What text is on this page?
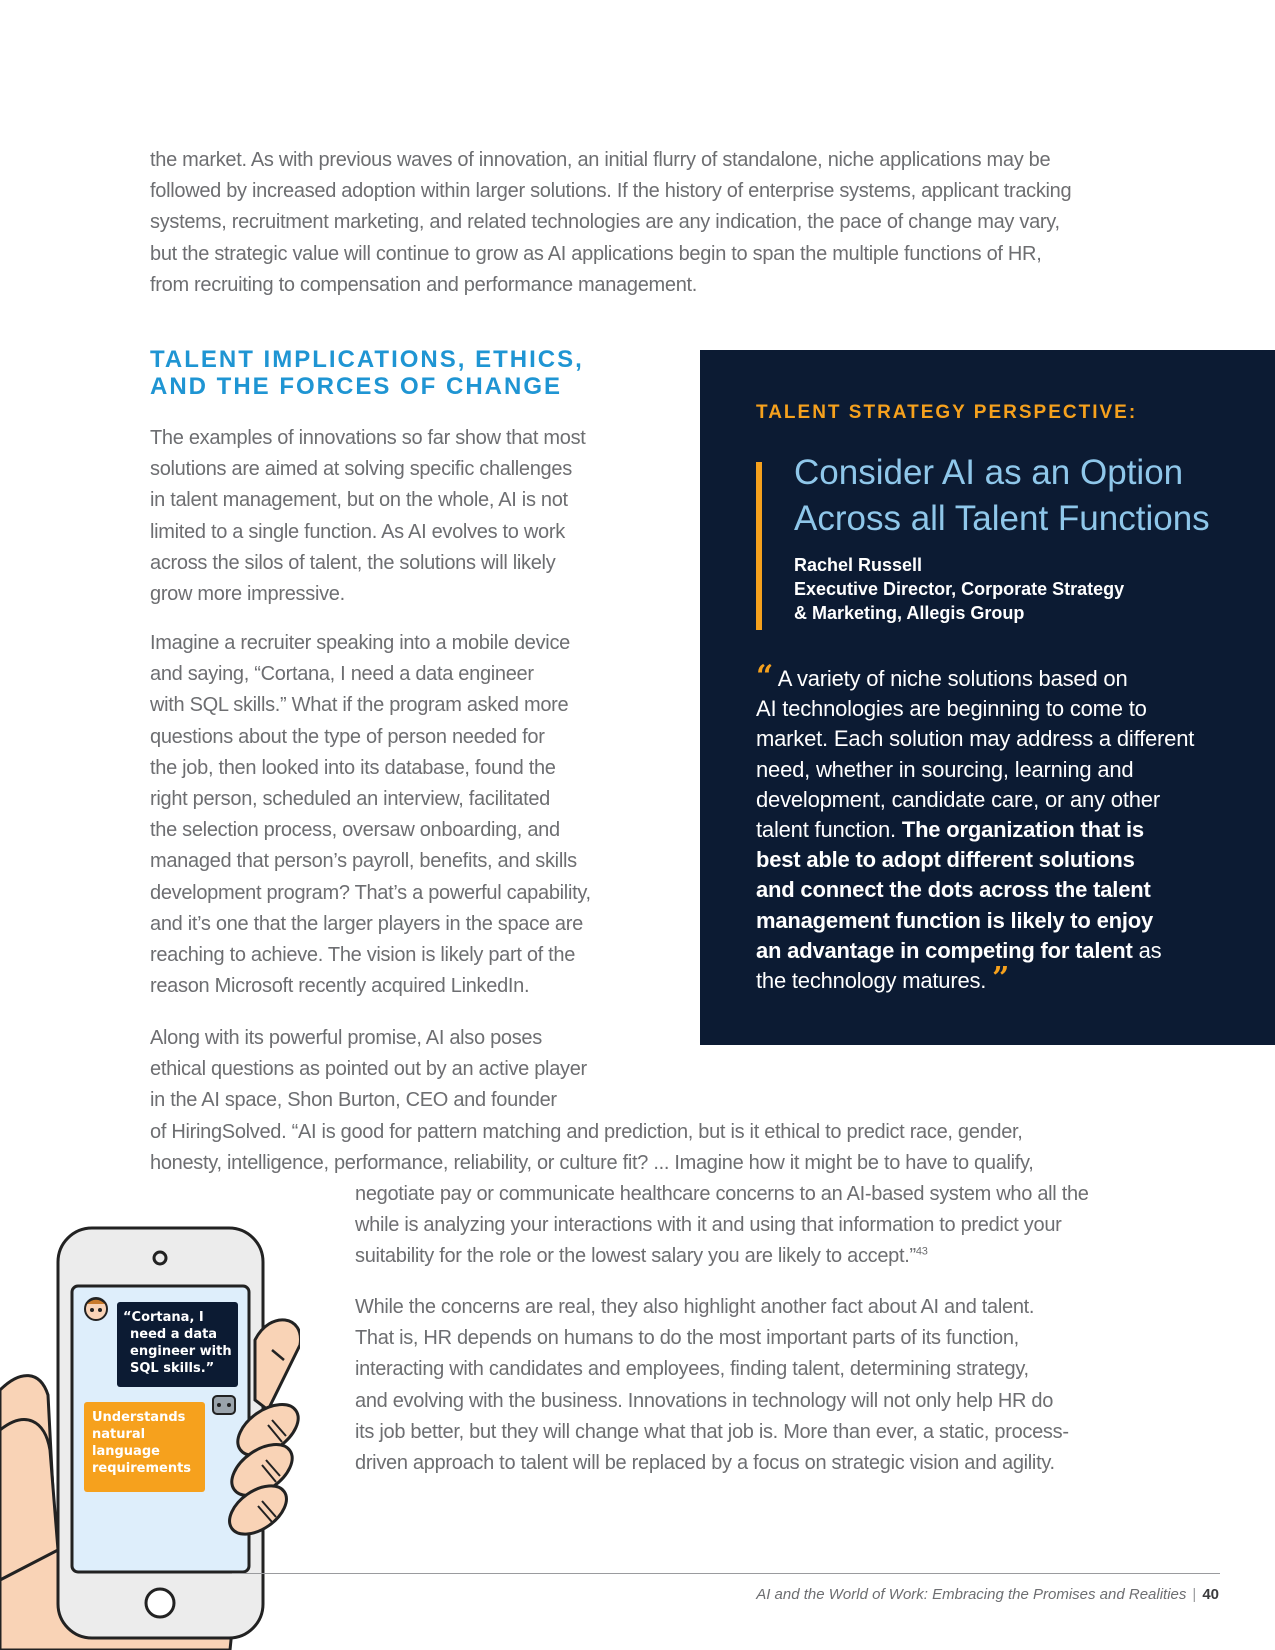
the market. As with previous waves of innovation, an initial flurry of standalone, niche applications may be
followed by increased adoption within larger solutions. If the history of enterprise systems, applicant tracking
systems, recruitment marketing, and related technologies are any indication, the pace of change may vary,
but the strategic value will continue to grow as AI applications begin to span the multiple functions of HR,
from recruiting to compensation and performance management.
TALENT IMPLICATIONS, ETHICS,
AND THE FORCES OF CHANGE
The examples of innovations so far show that most
solutions are aimed at solving specific challenges
in talent management, but on the whole, AI is not
limited to a single function. As AI evolves to work
across the silos of talent, the solutions will likely
grow more impressive.
Imagine a recruiter speaking into a mobile device
and saying, “Cortana, I need a data engineer
with SQL skills.” What if the program asked more
questions about the type of person needed for
the job, then looked into its database, found the
right person, scheduled an interview, facilitated
the selection process, oversaw onboarding, and
managed that person’s payroll, benefits, and skills
development program? That’s a powerful capability,
and it’s one that the larger players in the space are
reaching to achieve. The vision is likely part of the
reason Microsoft recently acquired LinkedIn.
Along with its powerful promise, AI also poses
ethical questions as pointed out by an active player
in the AI space, Shon Burton, CEO and founder
of HiringSolved. “AI is good for pattern matching and prediction, but is it ethical to predict race, gender,
honesty, intelligence, performance, reliability, or culture fit? ... Imagine how it might be to have to qualify,
negotiate pay or communicate healthcare concerns to an AI-based system who all the
while is analyzing your interactions with it and using that information to predict your
suitability for the role or the lowest salary you are likely to accept.”$^{43}$
While the concerns are real, they also highlight another fact about AI and talent.
That is, HR depends on humans to do the most important parts of its function,
interacting with candidates and employees, finding talent, determining strategy,
and evolving with the business. Innovations in technology will not only help HR do
its job better, but they will change what that job is. More than ever, a static, process-
driven approach to talent will be replaced by a focus on strategic vision and agility.

TALENT STRATEGY PERSPECTIVE:

Consider AI as an Option
Across all Talent Functions
Rachel Russell
Executive Director, Corporate Strategy
& Marketing, Allegis Group
“ A variety of niche solutions based on
AI technologies are beginning to come to
market. Each solution may address a different
need, whether in sourcing, learning and
development, candidate care, or any other
talent function. The organization that is
best able to adopt different solutions
and connect the dots across the talent
management function is likely to enjoy
an advantage in competing for talent as
the technology matures. ”
“Cortana, I need a data engineer with SQL skills.”
Understands natural language requirements
AI and the World of Work: Embracing the Promises and Realities | 40
